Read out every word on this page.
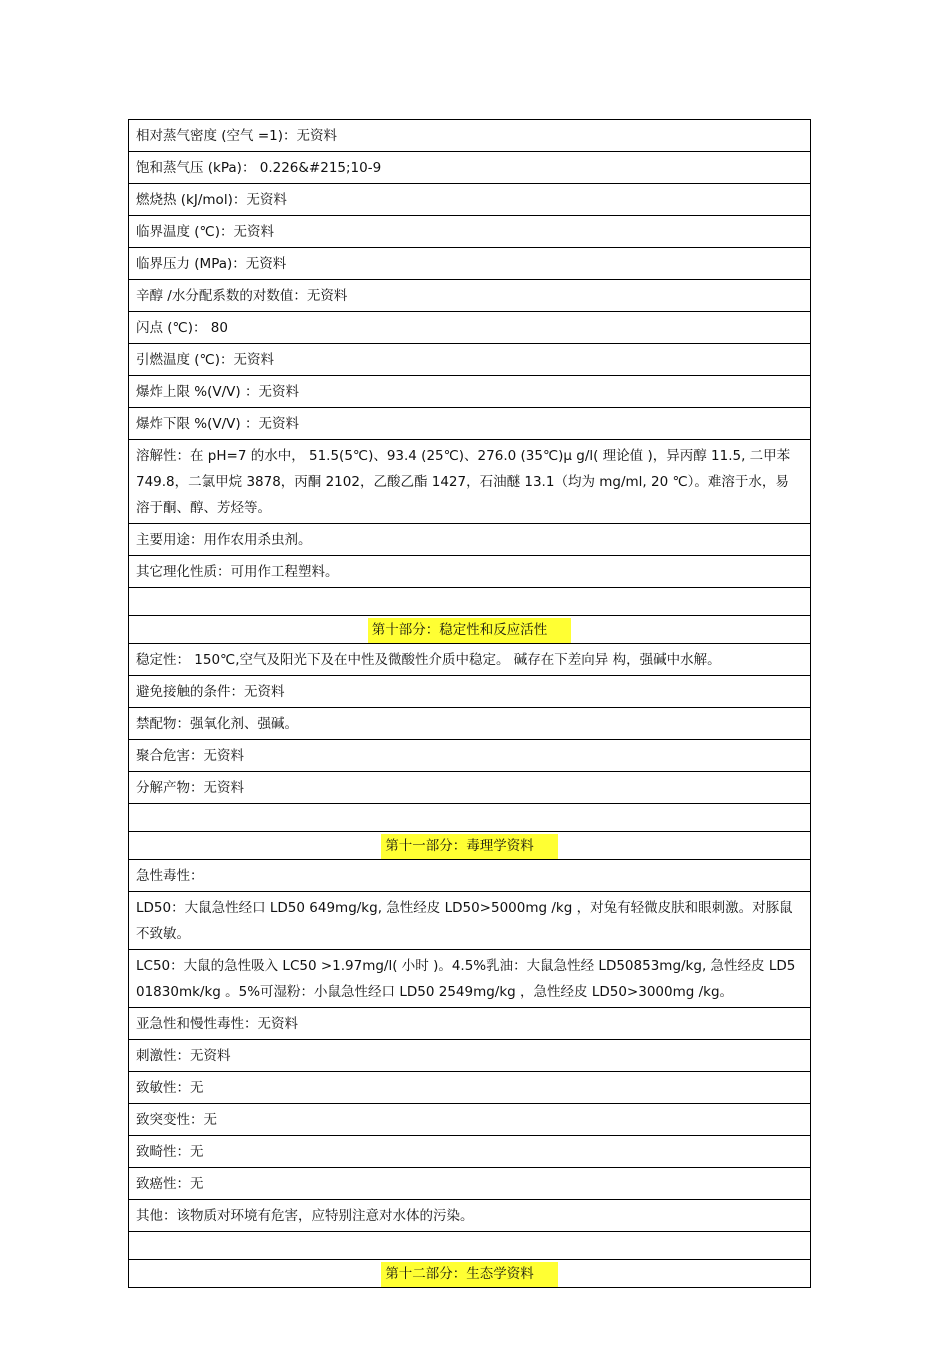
相对蒸气密度 (空气 =1)：无资料
饱和蒸气压 (kPa)： 0.226&#215;10-9
燃烧热 (kJ/mol)：无资料
临界温度 (℃)：无资料
临界压力 (MPa)：无资料
辛醇 /水分配系数的对数值：无资料
闪点 (℃)： 80
引燃温度 (℃)：无资料
爆炸上限 %(V/V) ：无资料
爆炸下限 %(V/V) ：无资料
溶解性：在 pH=7 的水中， 51.5(5℃)、93.4 (25℃)、276.0 (35℃)μ g/l( 理论值 )，异丙醇 11.5, 二甲苯 749.8，二氯甲烷 3878，丙酮 2102，乙酸乙酯 1427，石油醚 13.1（均为 mg/ml, 20 ℃）。难溶于水，易溶于酮、醇、芳烃等。
主要用途：用作农用杀虫剂。
其它理化性质：可用作工程塑料。

第十部分：稳定性和反应活性
稳定性： 150℃,空气及阳光下及在中性及微酸性介质中稳定。 碱存在下差向异 构，强碱中水解。
避免接触的条件：无资料
禁配物：强氧化剂、强碱。
聚合危害：无资料
分解产物：无资料

第十一部分：毒理学资料
急性毒性：
LD50：大鼠急性经口 LD50 649mg/kg, 急性经皮 LD50>5000mg /kg ，对兔有轻微皮肤和眼刺激。对豚鼠不致敏。
LC50：大鼠的急性吸入 LC50 >1.97mg/l( 小时 )。4.5%乳油：大鼠急性经 LD50853mg/kg, 急性经皮 LD501830mk/kg 。5%可湿粉：小鼠急性经口 LD50 2549mg/kg ，急性经皮 LD50>3000mg /kg。
亚急性和慢性毒性：无资料
刺激性：无资料
致敏性：无
致突变性：无
致畸性：无
致癌性：无
其他：该物质对环境有危害，应特别注意对水体的污染。

第十二部分：生态学资料
